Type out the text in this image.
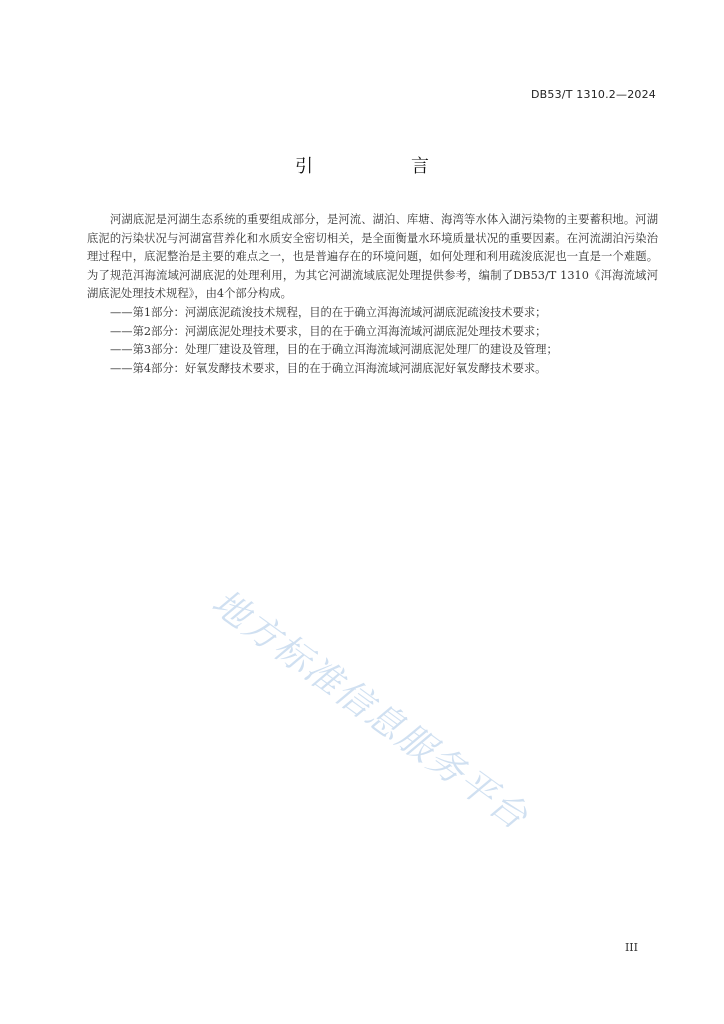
DB53/T 1310.2—2024
引　言

河湖底泥是河湖生态系统的重要组成部分，是河流、湖泊、库塘、海湾等水体入湖污染物的主要蓄积地。河湖底泥的污染状况与河湖富营养化和水质安全密切相关，是全面衡量水环境质量状况的重要因素。在河流湖泊污染治理过程中，底泥整治是主要的难点之一，也是普遍存在的环境问题，如何处理和利用疏浚底泥也一直是一个难题。为了规范洱海流域河湖底泥的处理利用，为其它河湖流域底泥处理提供参考，编制了DB53/T 1310《洱海流域河湖底泥处理技术规程》，由4个部分构成。

——第1部分：河湖底泥疏浚技术规程，目的在于确立洱海流域河湖底泥疏浚技术要求；

——第2部分：河湖底泥处理技术要求，目的在于确立洱海流域河湖底泥处理技术要求；

——第3部分：处理厂建设及管理，目的在于确立洱海流域河湖底泥处理厂的建设及管理；

——第4部分：好氧发酵技术要求，目的在于确立洱海流域河湖底泥好氧发酵技术要求。

地方标准信息服务平台
III
